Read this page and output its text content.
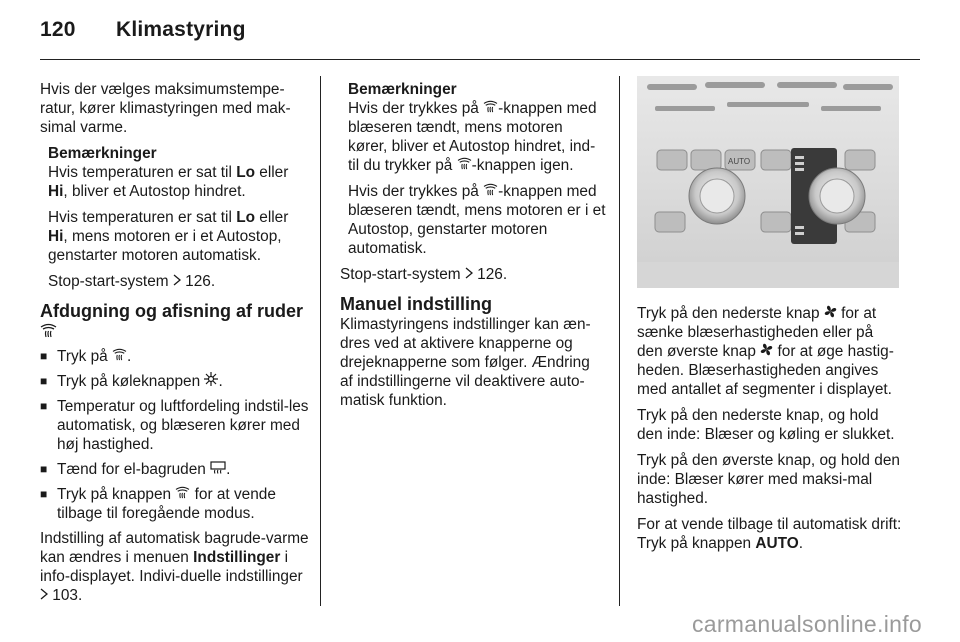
120 Klimastyring

Hvis der vælges maksimumstempe-ratur, kører klimastyringen med mak-simal varme.

Bemærkninger

Hvis temperaturen er sat til Lo eller Hi, bliver et Autostop hindret.

Hvis temperaturen er sat til Lo eller Hi, mens motoren er i et Autostop, genstarter motoren automatisk.

Stop-start-system 126.

Afdugning og afisning af ruder
■ Tryk på .
■ Tryk på køleknappen .
■ Temperatur og luftfordeling indstil-les automatisk, og blæseren kører med høj hastighed.
■ Tænd for el-bagruden .
■ Tryk på knappen for at vende tilbage til foregående modus.

Indstilling af automatisk bagrude-varme kan ændres i menuen Indstillinger i info-displayet. Indivi-duelle indstillinger  103.

Bemærkninger

Hvis der trykkes på -knappen med blæseren tændt, mens motoren kører, bliver et Autostop hindret, ind-til du trykker på -knappen igen.

Hvis der trykkes på -knappen med blæseren tændt, mens motoren er i et Autostop, genstarter motoren automatisk.

Stop-start-system 126.

Manuel indstilling

Klimastyringens indstillinger kan æn-dres ved at aktivere knapperne og drejeknapperne som følger. Ændring af indstillingerne vil deaktivere auto-matisk funktion.

AUTO

Tryk på den nederste knap for at sænke blæserhastigheden eller på den øverste knap for at øge hastig-heden. Blæserhastigheden angives med antallet af segmenter i displayet.

Tryk på den nederste knap, og hold den inde: Blæser og køling er slukket.

Tryk på den øverste knap, og hold den inde: Blæser kører med maksi-mal hastighed.

For at vende tilbage til automatisk drift: Tryk på knappen AUTO.

carmanualsonline.info
